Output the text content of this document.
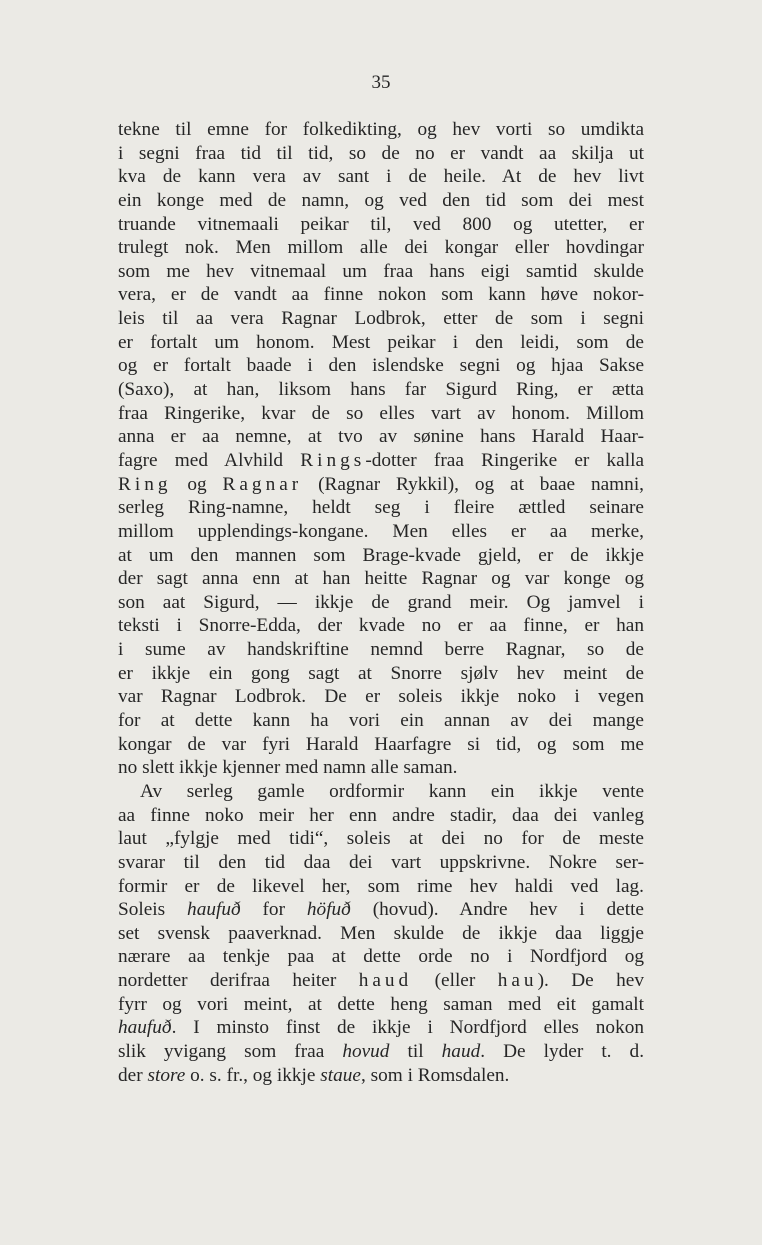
35
tekne til emne for folkedikting, og hev vorti so umdikta
i segni fraa tid til tid, so de no er vandt aa skilja ut
kva de kann vera av sant i de heile. At de hev livt
ein konge med de namn, og ved den tid som dei mest
truande vitnemaali peikar til, ved 800 og utetter, er
trulegt nok. Men millom alle dei kongar eller hovdingar
som me hev vitnemaal um fraa hans eigi samtid skulde
vera, er de vandt aa finne nokon som kann høve nokor-
leis til aa vera Ragnar Lodbrok, etter de som i segni
er fortalt um honom. Mest peikar i den leidi, som de
og er fortalt baade i den islendske segni og hjaa Sakse
(Saxo), at han, liksom hans far Sigurd Ring, er ætta
fraa Ringerike, kvar de so elles vart av honom. Millom
anna er aa nemne, at tvo av sønine hans Harald Haar-
fagre med Alvhild Rings-dotter fraa Ringerike er kalla
Ring og Ragnar (Ragnar Rykkil), og at baae namni,
serleg Ring-namne, heldt seg i fleire ættled seinare
millom upplendings-kongane. Men elles er aa merke,
at um den mannen som Brage-kvade gjeld, er de ikkje
der sagt anna enn at han heitte Ragnar og var konge og
son aat Sigurd, — ikkje de grand meir. Og jamvel i
teksti i Snorre-Edda, der kvade no er aa finne, er han
i sume av handskriftine nemnd berre Ragnar, so de
er ikkje ein gong sagt at Snorre sjølv hev meint de
var Ragnar Lodbrok. De er soleis ikkje noko i vegen
for at dette kann ha vori ein annan av dei mange
kongar de var fyri Harald Haarfagre si tid, og som me
no slett ikkje kjenner med namn alle saman.
Av serleg gamle ordformir kann ein ikkje vente
aa finne noko meir her enn andre stadir, daa dei vanleg
laut „fylgje med tidi“, soleis at dei no for de meste
svarar til den tid daa dei vart uppskrivne. Nokre ser-
formir er de likevel her, som rime hev haldi ved lag.
Soleis haufuð for höfuð (hovud). Andre hev i dette
set svensk paaverknad. Men skulde de ikkje daa liggje
nærare aa tenkje paa at dette orde no i Nordfjord og
nordetter derifraa heiter haud (eller hau). De hev
fyrr og vori meint, at dette heng saman med eit gamalt
haufuð. I minsto finst de ikkje i Nordfjord elles nokon
slik yvigang som fraa hovud til haud. De lyder t. d.
der store o. s. fr., og ikkje staue, som i Romsdalen.
